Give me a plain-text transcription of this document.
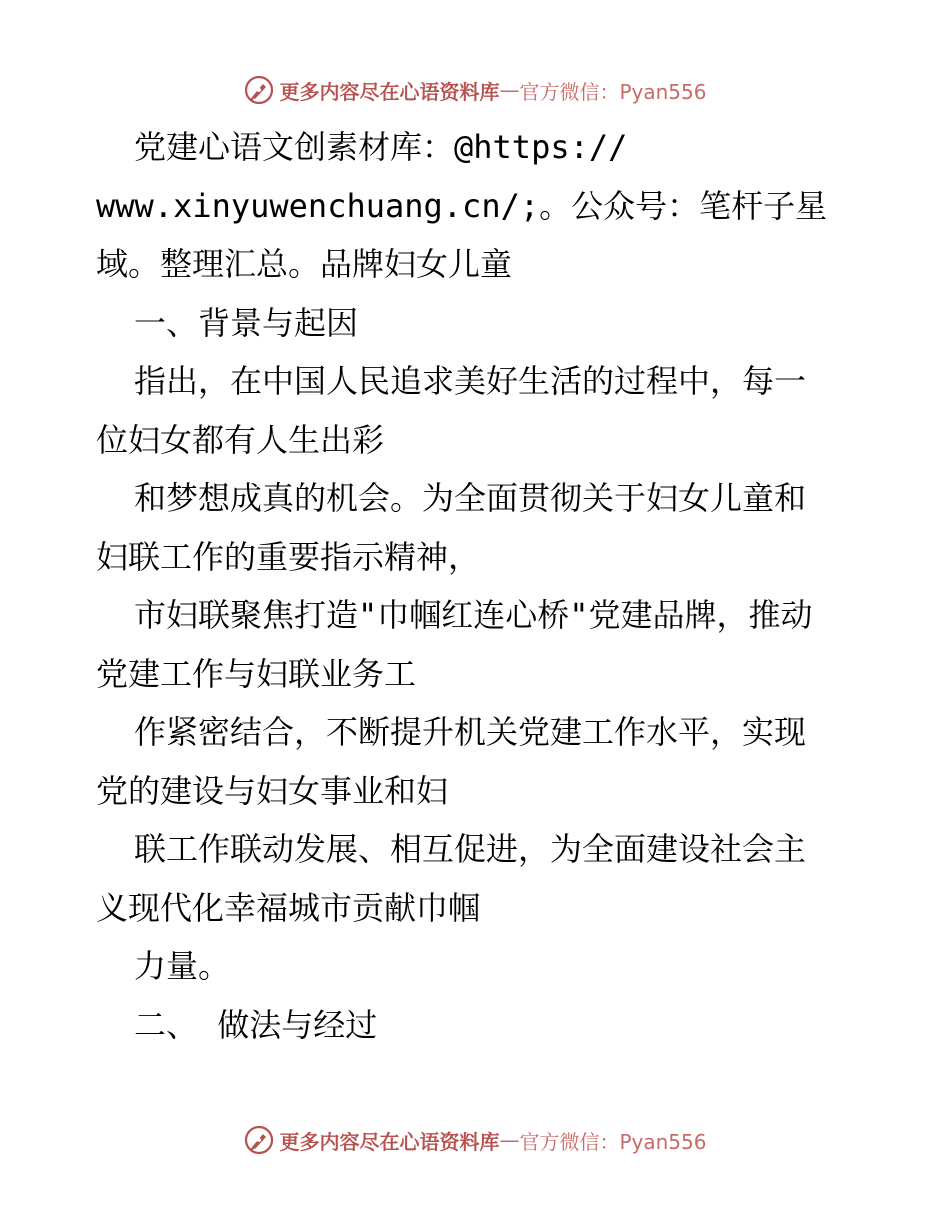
更多内容尽在心语资料库 — 官方微信：Pyan556
党建心语文创素材库：@https://
www.xinyuwenchuang.cn/;。公众号：笔杆子星
域。整理汇总。品牌妇女儿童
一、背景与起因
指出，在中国人民追求美好生活的过程中，每一
位妇女都有人生出彩
和梦想成真的机会。为全面贯彻关于妇女儿童和
妇联工作的重要指示精神，
市妇联聚焦打造"巾帼红连心桥"党建品牌，推动
党建工作与妇联业务工
作紧密结合，不断提升机关党建工作水平，实现
党的建设与妇女事业和妇
联工作联动发展、相互促进，为全面建设社会主
义现代化幸福城市贡献巾帼
力量。
二、 做法与经过
更多内容尽在心语资料库 — 官方微信：Pyan556
